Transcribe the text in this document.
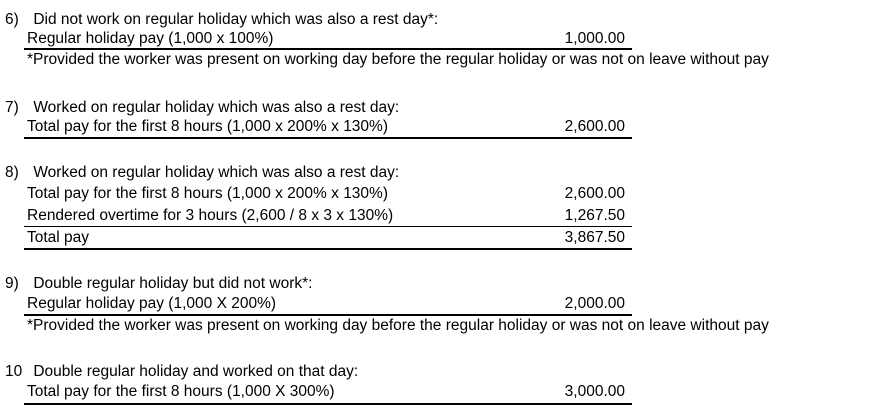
6) Did not work on regular holiday which was also a rest day*:
Regular holiday pay (1,000 x 100%)	1,000.00
*Provided the worker was present on working day before the regular holiday or was not on leave without pay
7) Worked on regular holiday which was also a rest day:
Total pay for the first 8 hours (1,000 x 200% x 130%)	2,600.00
8) Worked on regular holiday which was also a rest day:
Total pay for the first 8 hours (1,000 x 200% x 130%)	2,600.00
Rendered overtime for 3 hours (2,600 / 8 x 3 x 130%)	1,267.50
Total pay	3,867.50
9) Double regular holiday but did not work*:
Regular holiday pay (1,000 X 200%)	2,000.00
*Provided the worker was present on working day before the regular holiday or was not on leave without pay
10 Double regular holiday and worked on that day:
Total pay for the first 8 hours (1,000 X 300%)	3,000.00
